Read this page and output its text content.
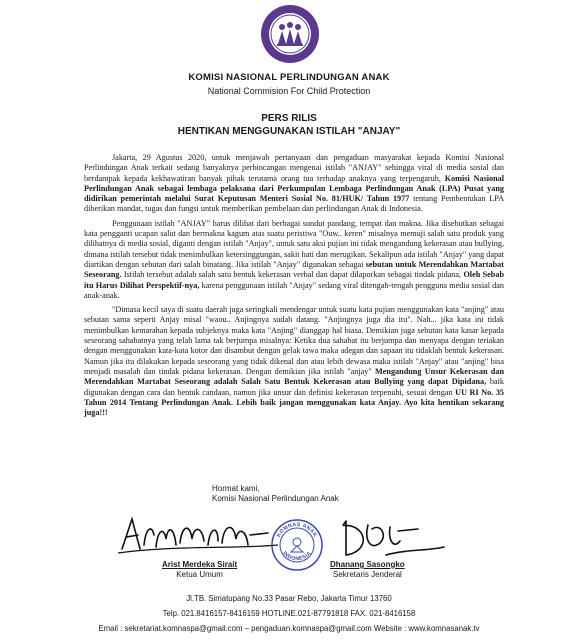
KOMISI NASIONAL PERLINDUNGAN ANAK
National Commision For Child Protection
PERS RILIS
HENTIKAN MENGGUNAKAN ISTILAH "ANJAY"

Jakarta, 29 Agustus 2020, untuk menjawab pertanyaan dan pengaduan masyarakat kepada Komisi Nasional Perlindungan Anak terkait sedang banyaknya perbincangan mengenai istilah "ANJAY" sehingga viral di media sosial dan berdampak kepada kekhawatiran banyak pihak terutama orang tua terhadap anaknya yang terpengaruh, Komisi Nasional Perlindungan Anak sebagai lembaga pelaksana dari Perkumpulan Lembaga Perlindungan Anak (LPA) Pusat yang didirikan pemerintah melalui Surat Keputusan Menteri Sosial No. 81/HUK/ Tahun 1977 tentang Pembentukan LPA diberikan mandat, tugas dan fungsi untuk memberikan pembelaan dan perlindungan Anak di Indonesia.

Penggunaan istilah "ANJAY" harus dilihat dari berbagai sundut pandang, tempat dan makna. Jika disebutkan sebagai kata pengganti ucapan salut dan bermakna kagum atas suatu peristiwa "Ouw.. keren" misalnya memuji salah satu produk yang dilihatnya di media sosial, diganti dengan istilah "Anjay", untuk satu aksi pujian ini tidak mengandung kekerasan atau bullying, dimana istilah tersebut tidak menimbulkan ketersinggungan, sakit hati dan merugikan. Sekalipun ada istilah "Anjay" yang dapat diartikan dengan sebutan dari salah binatang. Jika istilah "Anjay" digunakan sebagai sebutan untuk Merendahkan Martabat Seseorang. Istilah tersebut adalah salah satu bentuk kekerasan verbal dan dapat dilaporkan sebagai tindak pidana, Oleh Sebab itu Harus Dilihat Perspektif-nya, karena penggunaan istilah "Anjay" sedang viral ditengah-tengah pengguna media sosial dan anak-anak.

"Dimasa kecil saya di suatu daerah juga seringkali mendengar untuk suatu kata pujian menggunakan kata "anjing" atau sebutan sama seperti Anjay misal "waou.. Anjingnya sudah datang. "Anjingnya juga dia itu". Nah... jika kata ini tidak menimbulkan kemarahan kepada subjeknya maka kata "Anjing" dianggap hal biasa. Demikian juga sebutan kata kasar kepada seseorang sahabatnya yang telah lama tak berjumpa misalnya: Ketika dua sahabat itu berjumpa dan menyapa dengan teriakan dengan menggunakan kata-kata kotor dan disambut dengan gelak tawa maka adegan dan sapaan itu tidaklah bentuk kekerasan. Namun jika itu dilakukan kepada seseorang yang tidak dikenal dan atau lebih dewasa maka istilah "Anjay" atau "anjing" bisa menjadi masalah dan tindak pidana kekerasan. Dengan demikian jika istilah "anjay" Mengandung Unsur Kekerasan dan Merendahkan Martabat Seseorang adalah Salah Satu Bentuk Kekerasan atau Bullying yang dapat Dipidana, baik digunakan dengan cara dan bentuk candaan, namun jika unsur dan definisi kekerasan terpenuhi, sesuai dengan UU RI No. 35 Tahun 2014 Tentang Perlindungan Anak. Lebih baik jangan menggunakan kata Anjay. Ayo kita hentikan sekarang juga!!!

Hormat kami,
Komisi Nasional Perlindungan Anak
KOMNAS ANAK
INDONESIA
Arist Merdeka Sirait
Ketua Umum
Dhanang Sasongko
Sekretaris Jenderal
Jl.TB. Simatupang No.33 Pasar Rebo, Jakarta Timur 13760
Telp. 021.8416157-8416159 HOTLINE.021-87791818 FAX. 021-8416158
Email : sekretariat.komnaspa@gmail.com – pengaduan.komnaspa@gmail.com Website : www.komnasanak.tv
